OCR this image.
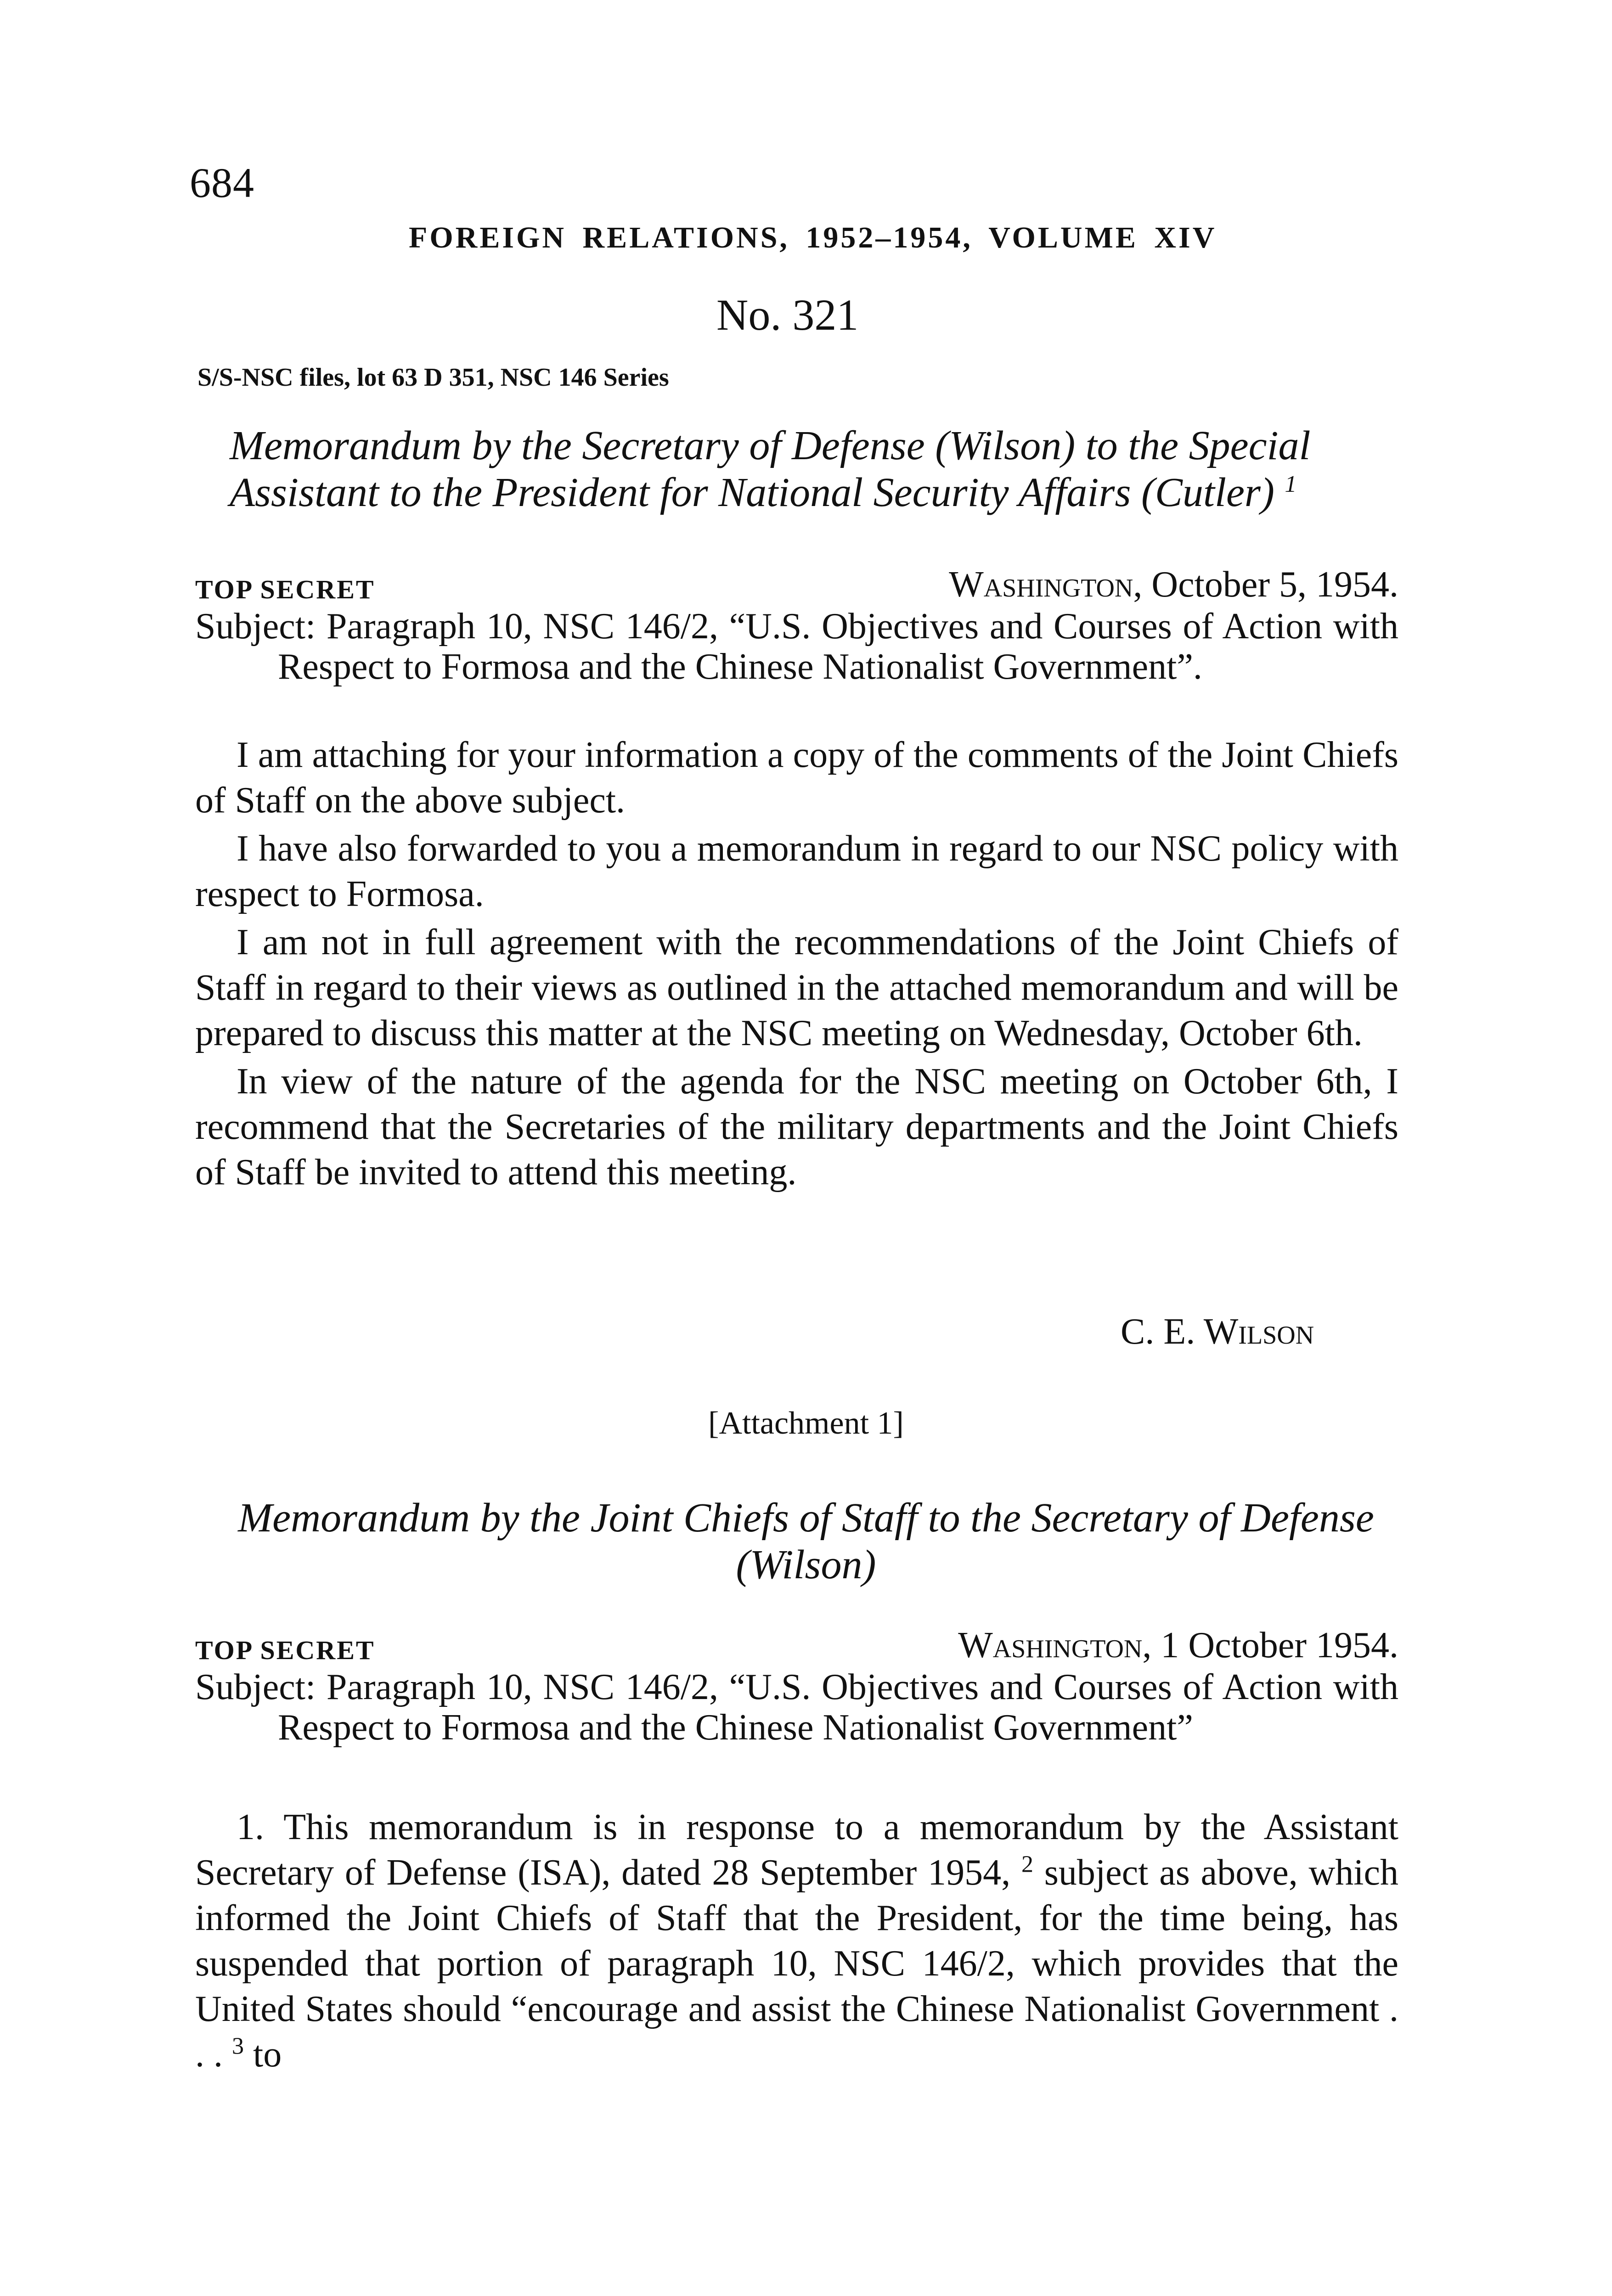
684
FOREIGN RELATIONS, 1952–1954, VOLUME XIV
No. 321
S/S-NSC files, lot 63 D 351, NSC 146 Series
Memorandum by the Secretary of Defense (Wilson) to the Special Assistant to the President for National Security Affairs (Cutler) $^1$
TOP SECRET	Washington, October 5, 1954.
Subject: Paragraph 10, NSC 146/2, “U.S. Objectives and Courses of Action with Respect to Formosa and the Chinese Nationalist Government”.

I am attaching for your information a copy of the comments of the Joint Chiefs of Staff on the above subject.

I have also forwarded to you a memorandum in regard to our NSC policy with respect to Formosa.

I am not in full agreement with the recommendations of the Joint Chiefs of Staff in regard to their views as outlined in the attached memorandum and will be prepared to discuss this matter at the NSC meeting on Wednesday, October 6th.

In view of the nature of the agenda for the NSC meeting on October 6th, I recommend that the Secretaries of the military departments and the Joint Chiefs of Staff be invited to attend this meeting.

C. E. Wilson
[Attachment 1]
Memorandum by the Joint Chiefs of Staff to the Secretary of Defense (Wilson)
TOP SECRET	Washington, 1 October 1954.
Subject: Paragraph 10, NSC 146/2, “U.S. Objectives and Courses of Action with Respect to Formosa and the Chinese Nationalist Government”

1. This memorandum is in response to a memorandum by the Assistant Secretary of Defense (ISA), dated 28 September 1954, $^2$ subject as above, which informed the Joint Chiefs of Staff that the President, for the time being, has suspended that portion of paragraph 10, NSC 146/2, which provides that the United States should “encourage and assist the Chinese Nationalist Government . . . $^3$ to
